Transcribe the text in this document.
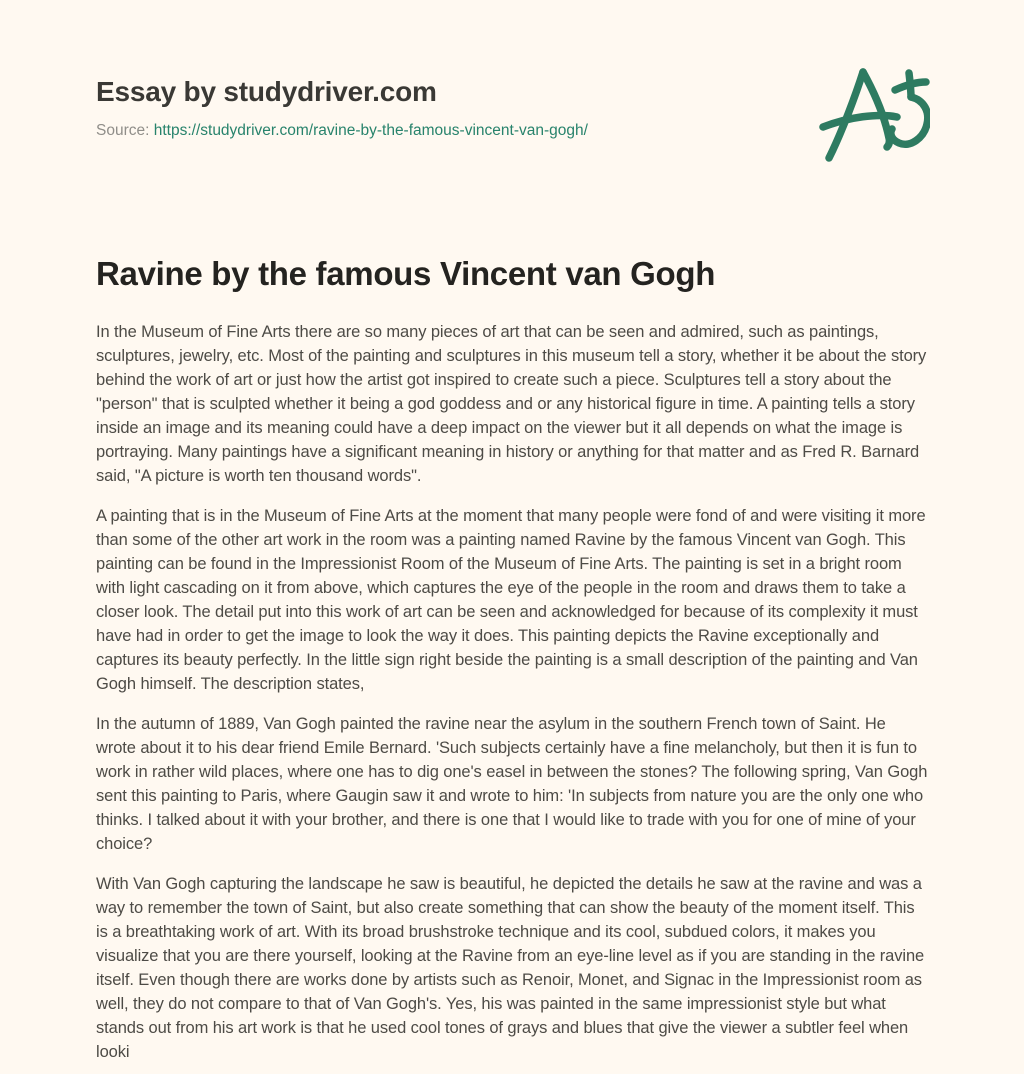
Essay by studydriver.com
Source: https://studydriver.com/ravine-by-the-famous-vincent-van-gogh/
Ravine by the famous Vincent van Gogh

In the Museum of Fine Arts there are so many pieces of art that can be seen and admired, such as paintings, sculptures, jewelry, etc. Most of the painting and sculptures in this museum tell a story, whether it be about the story behind the work of art or just how the artist got inspired to create such a piece. Sculptures tell a story about the "person" that is sculpted whether it being a god goddess and or any historical figure in time. A painting tells a story inside an image and its meaning could have a deep impact on the viewer but it all depends on what the image is portraying. Many paintings have a significant meaning in history or anything for that matter and as Fred R. Barnard said, "A picture is worth ten thousand words".

A painting that is in the Museum of Fine Arts at the moment that many people were fond of and were visiting it more than some of the other art work in the room was a painting named Ravine by the famous Vincent van Gogh. This painting can be found in the Impressionist Room of the Museum of Fine Arts. The painting is set in a bright room with light cascading on it from above, which captures the eye of the people in the room and draws them to take a closer look. The detail put into this work of art can be seen and acknowledged for because of its complexity it must have had in order to get the image to look the way it does. This painting depicts the Ravine exceptionally and captures its beauty perfectly. In the little sign right beside the painting is a small description of the painting and Van Gogh himself. The description states,

In the autumn of 1889, Van Gogh painted the ravine near the asylum in the southern French town of Saint. He wrote about it to his dear friend Emile Bernard. 'Such subjects certainly have a fine melancholy, but then it is fun to work in rather wild places, where one has to dig one's easel in between the stones? The following spring, Van Gogh sent this painting to Paris, where Gaugin saw it and wrote to him: 'In subjects from nature you are the only one who thinks. I talked about it with your brother, and there is one that I would like to trade with you for one of mine of your choice?

With Van Gogh capturing the landscape he saw is beautiful, he depicted the details he saw at the ravine and was a way to remember the town of Saint, but also create something that can show the beauty of the moment itself. This is a breathtaking work of art. With its broad brushstroke technique and its cool, subdued colors, it makes you visualize that you are there yourself, looking at the Ravine from an eye-line level as if you are standing in the ravine itself. Even though there are works done by artists such as Renoir, Monet, and Signac in the Impressionist room as well, they do not compare to that of Van Gogh's. Yes, his was painted in the same impressionist style but what stands out from his art work is that he used cool tones of grays and blues that give the viewer a subtler feel when looki
